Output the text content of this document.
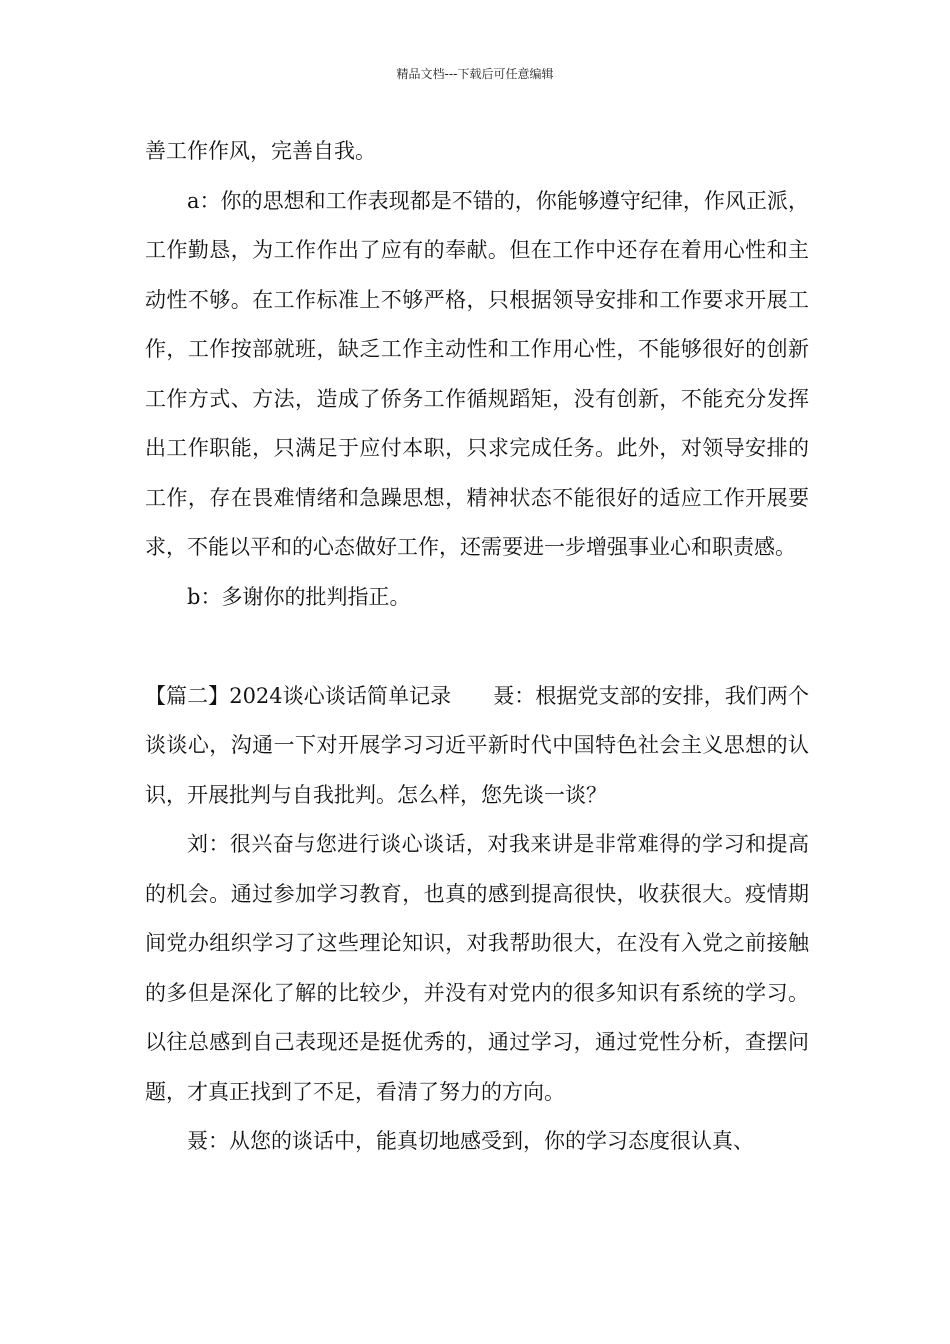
精品文档---下载后可任意编辑

善工作作风，完善自我。

a：你的思想和工作表现都是不错的，你能够遵守纪律，作风正派，工作勤恳，为工作作出了应有的奉献。但在工作中还存在着用心性和主动性不够。在工作标准上不够严格，只根据领导安排和工作要求开展工作，工作按部就班，缺乏工作主动性和工作用心性，不能够很好的创新工作方式、方法，造成了侨务工作循规蹈矩，没有创新，不能充分发挥出工作职能，只满足于应付本职，只求完成任务。此外，对领导安排的工作，存在畏难情绪和急躁思想，精神状态不能很好的适应工作开展要求，不能以平和的心态做好工作，还需要进一步增强事业心和职责感。

b：多谢你的批判指正。

【篇二】2024谈心谈话简单记录　　聂：根据党支部的安排，我们两个谈谈心，沟通一下对开展学习习近平新时代中国特色社会主义思想的认识，开展批判与自我批判。怎么样，您先谈一谈？

刘：很兴奋与您进行谈心谈话，对我来讲是非常难得的学习和提高的机会。通过参加学习教育，也真的感到提高很快，收获很大。疫情期间党办组织学习了这些理论知识，对我帮助很大，在没有入党之前接触的多但是深化了解的比较少，并没有对党内的很多知识有系统的学习。以往总感到自己表现还是挺优秀的，通过学习，通过党性分析，查摆问题，才真正找到了不足，看清了努力的方向。

聂：从您的谈话中，能真切地感受到，你的学习态度很认真、
